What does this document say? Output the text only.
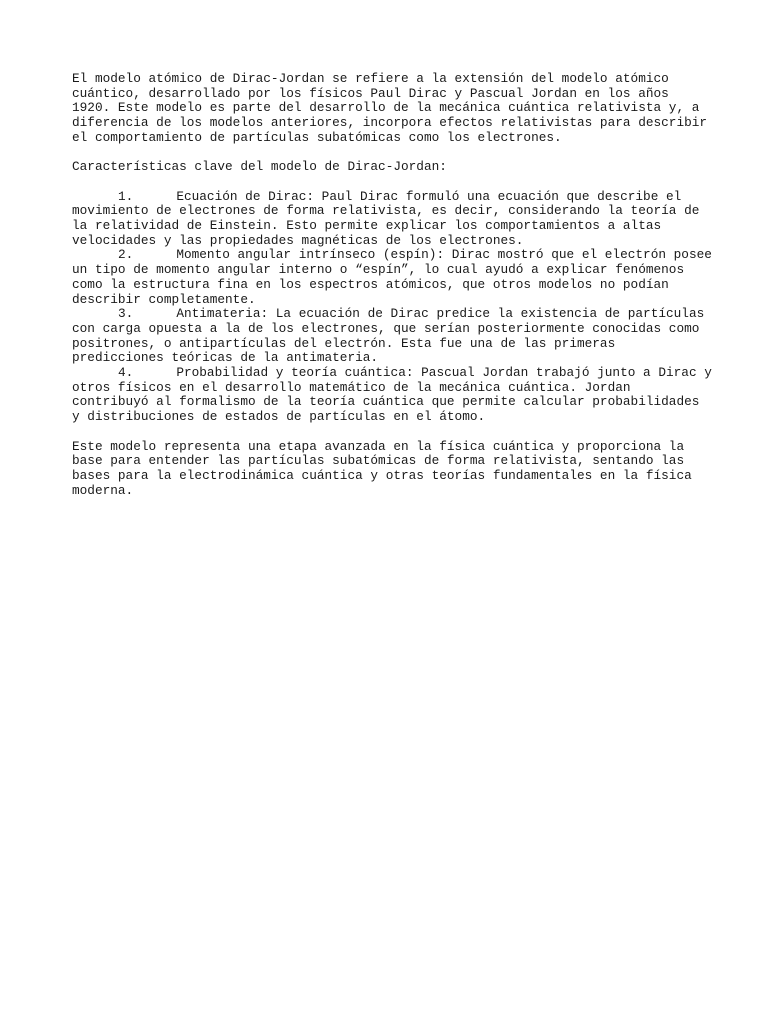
El modelo atómico de Dirac-Jordan se refiere a la extensión del modelo atómico cuántico, desarrollado por los físicos Paul Dirac y Pascual Jordan en los años 1920. Este modelo es parte del desarrollo de la mecánica cuántica relativista y, a diferencia de los modelos anteriores, incorpora efectos relativistas para describir el comportamiento de partículas subatómicas como los electrones.

Características clave del modelo de Dirac-Jordan:

1.	Ecuación de Dirac: Paul Dirac formuló una ecuación que describe el movimiento de electrones de forma relativista, es decir, considerando la teoría de la relatividad de Einstein. Esto permite explicar los comportamientos a altas velocidades y las propiedades magnéticas de los electrones.
2.	Momento angular intrínseco (espín): Dirac mostró que el electrón posee un tipo de momento angular interno o “espín”, lo cual ayudó a explicar fenómenos como la estructura fina en los espectros atómicos, que otros modelos no podían describir completamente.
3.	Antimateria: La ecuación de Dirac predice la existencia de partículas con carga opuesta a la de los electrones, que serían posteriormente conocidas como positrones, o antipartículas del electrón. Esta fue una de las primeras predicciones teóricas de la antimateria.
4.	Probabilidad y teoría cuántica: Pascual Jordan trabajó junto a Dirac y otros físicos en el desarrollo matemático de la mecánica cuántica. Jordan contribuyó al formalismo de la teoría cuántica que permite calcular probabilidades y distribuciones de estados de partículas en el átomo.

Este modelo representa una etapa avanzada en la física cuántica y proporciona la base para entender las partículas subatómicas de forma relativista, sentando las bases para la electrodinámica cuántica y otras teorías fundamentales en la física moderna.
